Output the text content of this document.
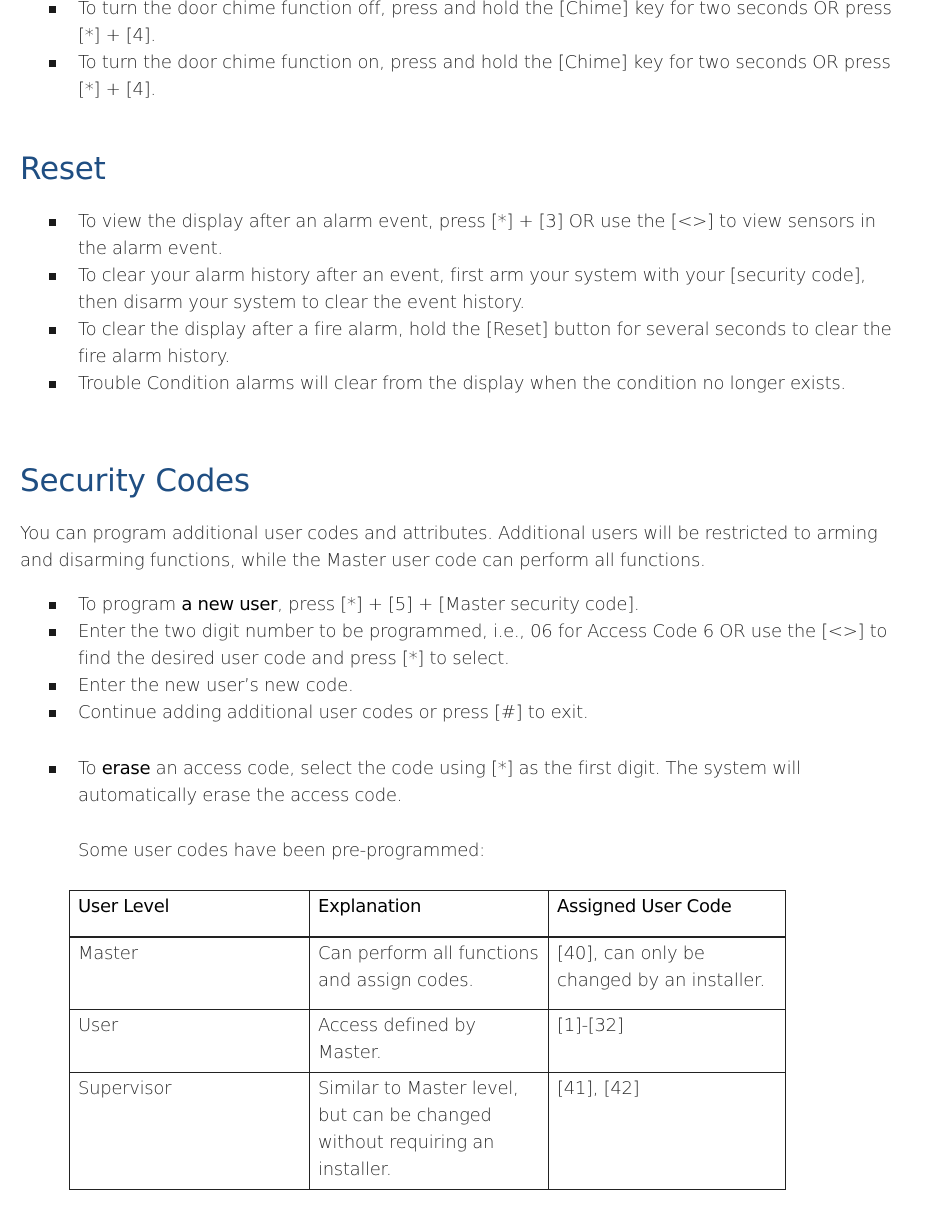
To turn the door chime function off, press and hold the [Chime] key for two seconds OR press [*] + [4].
To turn the door chime function on, press and hold the [Chime] key for two seconds OR press [*] + [4].
Reset
To view the display after an alarm event, press [*] + [3] OR use the [<>] to view sensors in the alarm event.
To clear your alarm history after an event, first arm your system with your [security code], then disarm your system to clear the event history.
To clear the display after a fire alarm, hold the [Reset] button for several seconds to clear the fire alarm history.
Trouble Condition alarms will clear from the display when the condition no longer exists.
Security Codes

You can program additional user codes and attributes. Additional users will be restricted to arming and disarming functions, while the Master user code can perform all functions.

To program a new user, press [*] + [5] + [Master security code].
Enter the two digit number to be programmed, i.e., 06 for Access Code 6 OR use the [<>] to find the desired user code and press [*] to select.
Enter the new user’s new code.
Continue adding additional user codes or press [#] to exit.
To erase an access code, select the code using [*] as the first digit. The system will automatically erase the access code.

Some user codes have been pre-programmed:

User Level	Explanation	Assigned User Code
Master	Can perform all functions and assign codes.	[40], can only be changed by an installer.
User	Access defined by Master.	[1]-[32]
Supervisor	Similar to Master level, but can be changed without requiring an installer.	[41], [42]
